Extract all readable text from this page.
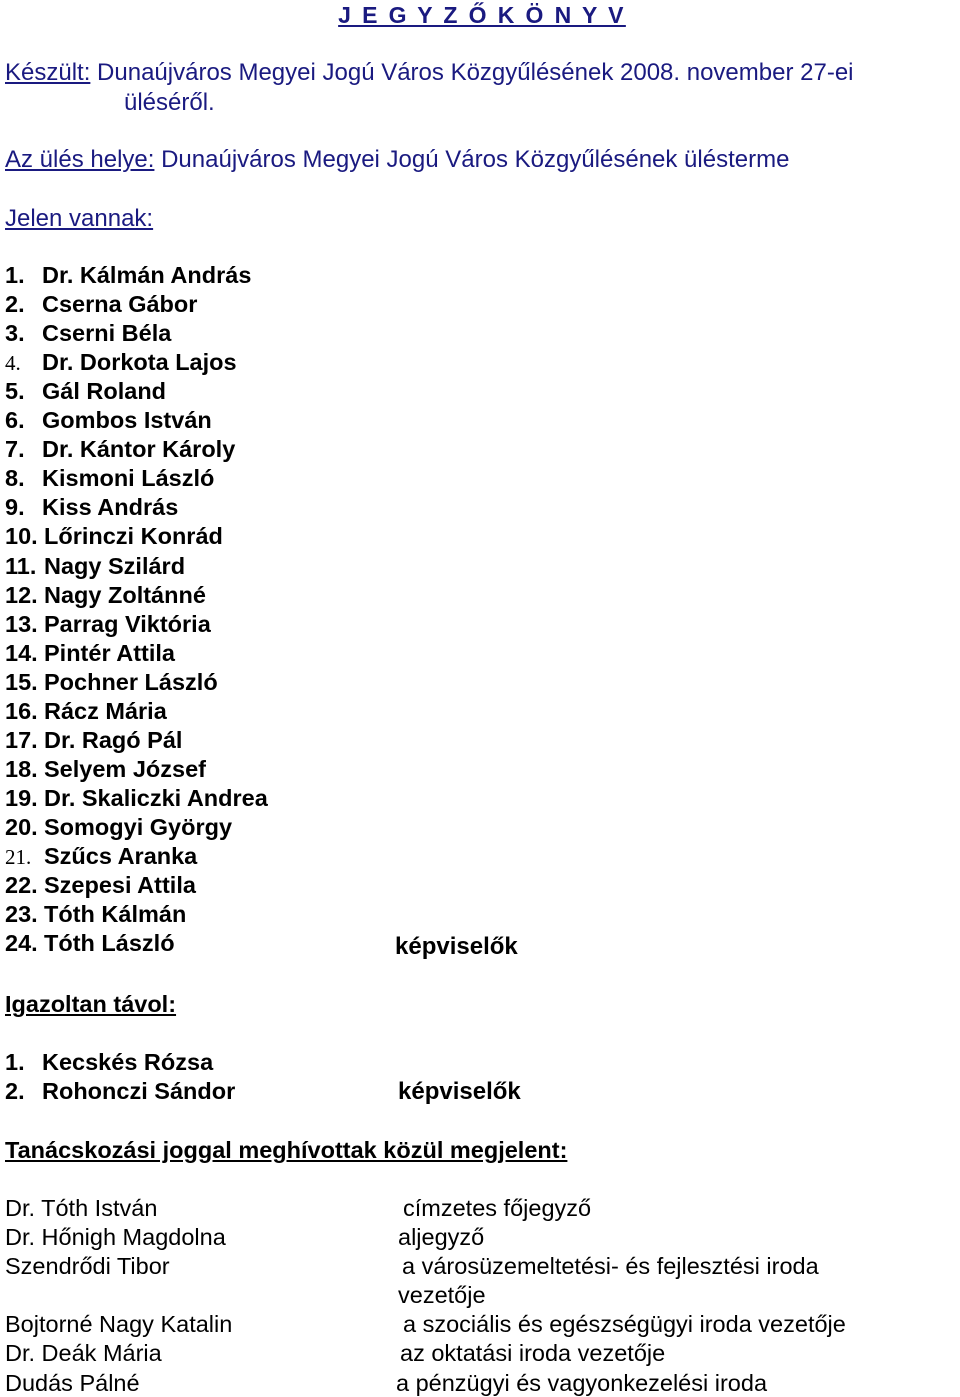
J E G Y Z Ő K Ö N Y V
Készült: Dunaújváros Megyei Jogú Város Közgyűlésének 2008. november 27-ei
üléséről.
Az ülés helye: Dunaújváros Megyei Jogú Város Közgyűlésének ülésterme
Jelen vannak:
1. Dr. Kálmán András
2. Cserna Gábor
3. Cserni Béla
4. Dr. Dorkota Lajos
5. Gál Roland
6. Gombos István
7. Dr. Kántor Károly
8. Kismoni László
9. Kiss András
10. Lőrinczi Konrád
11. Nagy Szilárd
12. Nagy Zoltánné
13. Parrag Viktória
14. Pintér Attila
15. Pochner László
16. Rácz Mária
17. Dr. Ragó Pál
18. Selyem József
19. Dr. Skaliczki Andrea
20. Somogyi György
21. Szűcs Aranka
22. Szepesi Attila
23. Tóth Kálmán
24. Tóth László	képviselők
Igazoltan távol:
1. Kecskés Rózsa
2. Rohonczi Sándor	képviselők
Tanácskozási joggal meghívottak közül megjelent:
Dr. Tóth István	címzetes főjegyző
Dr. Hőnigh Magdolna	aljegyző
Szendrődi Tibor	a városüzemeltetési- és fejlesztési iroda
vezetője
Bojtorné Nagy Katalin	a szociális és egészségügyi iroda vezetője
Dr. Deák Mária	az oktatási iroda vezetője
Dudás Pálné	a pénzügyi és vagyonkezelési iroda
